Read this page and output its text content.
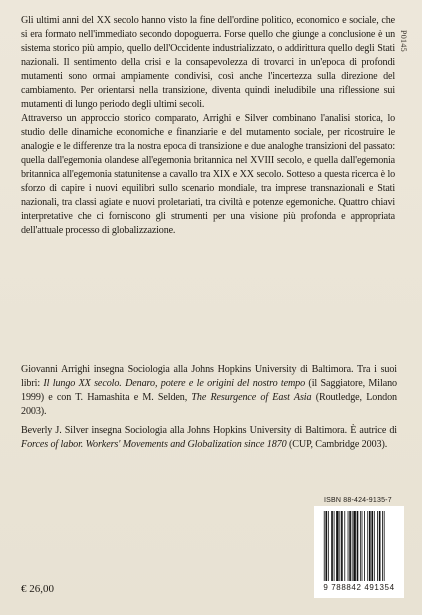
Gli ultimi anni del XX secolo hanno visto la fine dell'ordine politico, economico e sociale, che si era formato nell'immediato secondo dopoguerra. Forse quello che giunge a conclusione è un sistema storico più ampio, quello dell'Occidente industrializzato, o addirittura quello degli Stati nazionali. Il sentimento della crisi e la consapevolezza di trovarci in un'epoca di profondi mutamenti sono ormai ampiamente condivisi, così anche l'incertezza sulla direzione del cambiamento. Per orientarsi nella transizione, diventa quindi ineludibile una riflessione sui mutamenti di lungo periodo degli ultimi secoli.
Attraverso un approccio storico comparato, Arrighi e Silver combinano l'analisi storica, lo studio delle dinamiche economiche e finanziarie e del mutamento sociale, per ricostruire le analogie e le differenze tra la nostra epoca di transizione e due analoghe transizioni del passato: quella dall'egemonia olandese all'egemonia britannica nel XVIII secolo, e quella dall'egemonia britannica all'egemonia statunitense a cavallo tra XIX e XX secolo. Sotteso a questa ricerca è lo sforzo di capire i nuovi equilibri sullo scenario mondiale, tra imprese transnazionali e Stati nazionali, tra classi agiate e nuovi proletariati, tra civiltà e potenze egemoniche. Quattro chiavi interpretative che ci forniscono gli strumenti per una visione più profonda e appropriata dell'attuale processo di globalizzazione.

P0145

Giovanni Arrighi insegna Sociologia alla Johns Hopkins University di Baltimora. Tra i suoi libri: Il lungo XX secolo. Denaro, potere e le origini del nostro tempo (il Saggiatore, Milano 1999) e con T. Hamashita e M. Selden, The Resurgence of East Asia (Routledge, London 2003).

Beverly J. Silver insegna Sociologia alla Johns Hopkins University di Baltimora. È autrice di Forces of labor. Workers' Movements and Globalization since 1870 (CUP, Cambridge 2003).

ISBN 88-424-9135-7
9 788842 491354
€ 26,00
